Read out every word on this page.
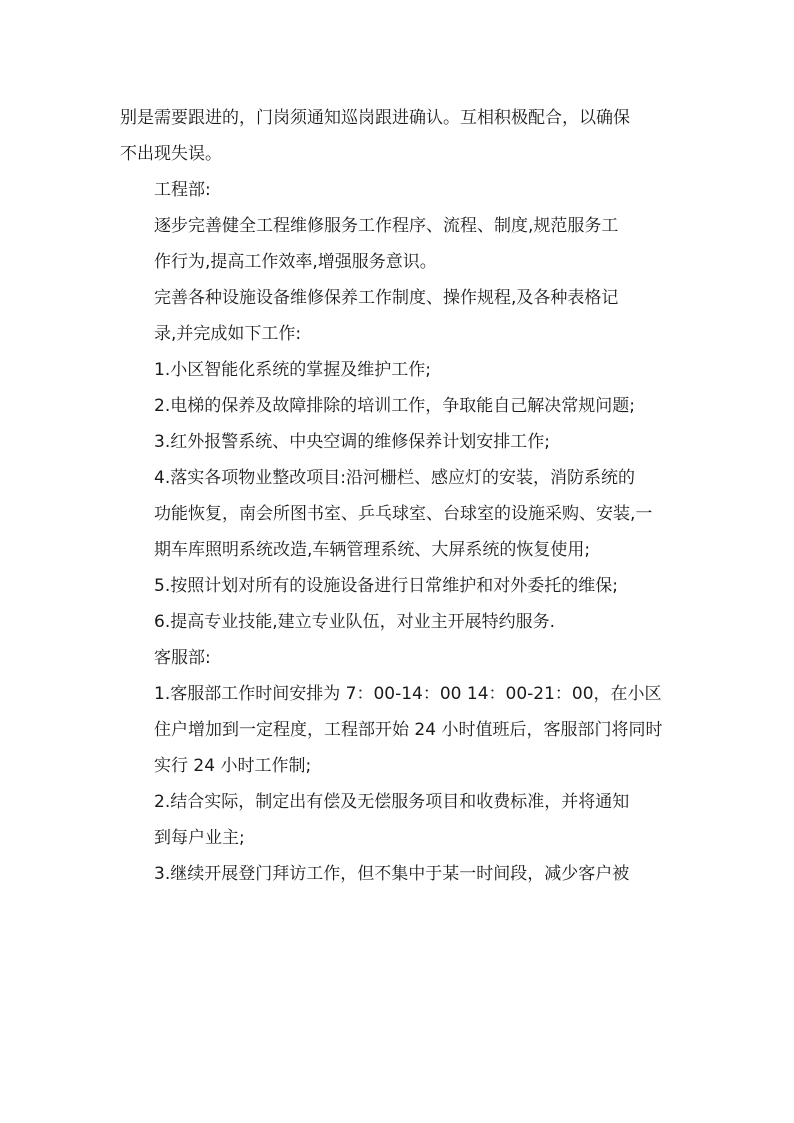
别是需要跟进的，门岗须通知巡岗跟进确认。互相积极配合，以确保
不出现失误。

工程部:

逐步完善健全工程维修服务工作程序、流程、制度,规范服务工
作行为,提高工作效率,增强服务意识。

完善各种设施设备维修保养工作制度、操作规程,及各种表格记
录,并完成如下工作:

1.小区智能化系统的掌握及维护工作;

2.电梯的保养及故障排除的培训工作，争取能自己解决常规问题;

3.红外报警系统、中央空调的维修保养计划安排工作;

4.落实各项物业整改项目:沿河栅栏、感应灯的安装，消防系统的
功能恢复，南会所图书室、乒乓球室、台球室的设施采购、安装,一
期车库照明系统改造,车辆管理系统、大屏系统的恢复使用;

5.按照计划对所有的设施设备进行日常维护和对外委托的维保;

6.提高专业技能,建立专业队伍，对业主开展特约服务.

客服部:

1.客服部工作时间安排为 7：00-14：00 14：00-21：00，在小区
住户增加到一定程度，工程部开始 24 小时值班后，客服部门将同时
实行 24 小时工作制;

2.结合实际，制定出有偿及无偿服务项目和收费标准，并将通知
到每户业主;

3.继续开展登门拜访工作，但不集中于某一时间段，减少客户被
